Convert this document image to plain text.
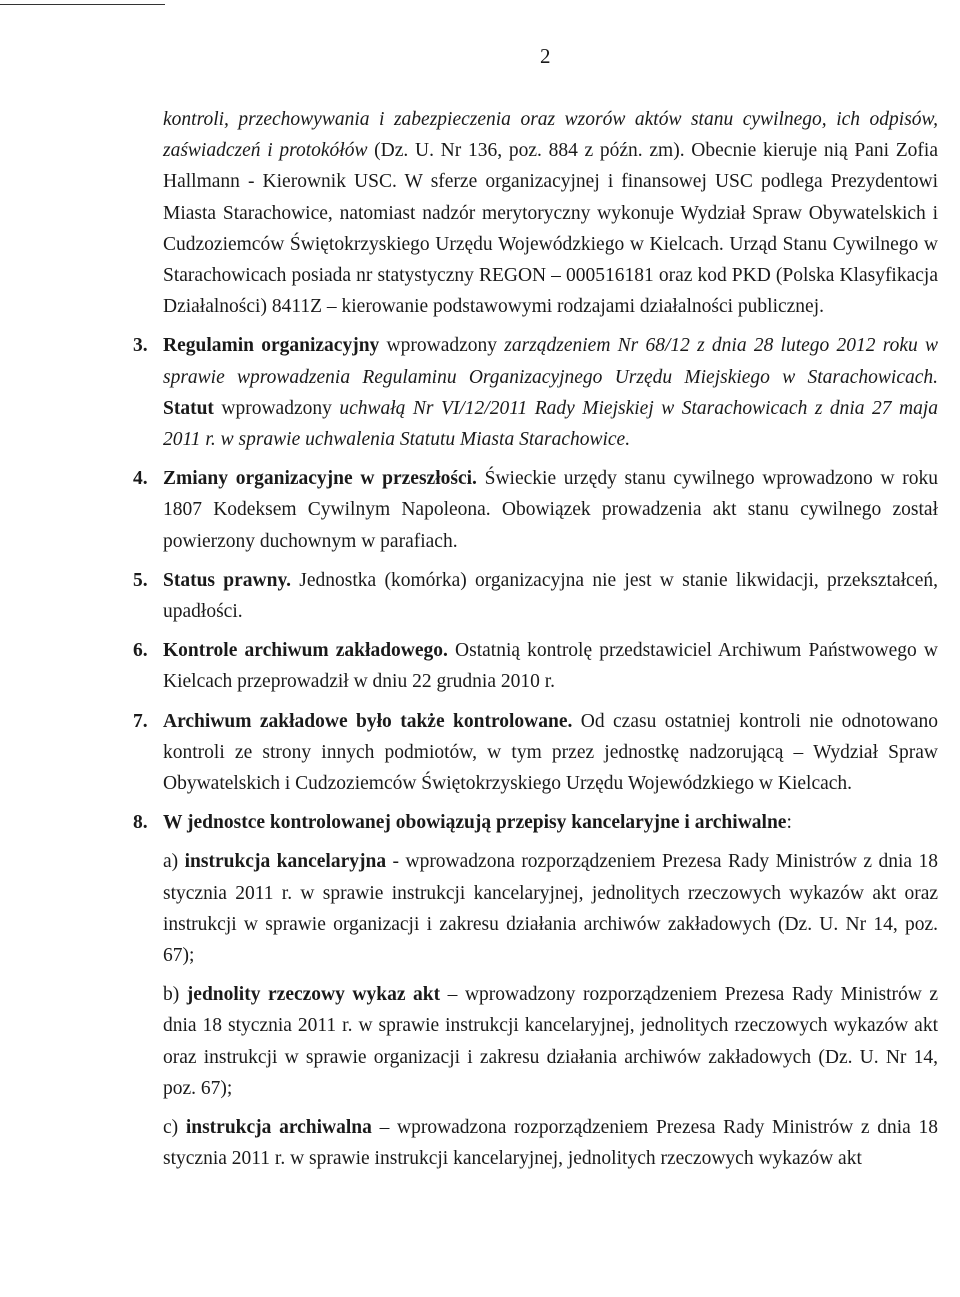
2

kontroli, przechowywania i zabezpieczenia oraz wzorów aktów stanu cywilnego, ich odpisów, zaświadczeń i protokółów (Dz. U. Nr 136, poz. 884 z późn. zm). Obecnie kieruje nią Pani Zofia Hallmann - Kierownik USC. W sferze organizacyjnej i finansowej USC podlega Prezydentowi Miasta Starachowice, natomiast nadzór merytoryczny wykonuje Wydział Spraw Obywatelskich i Cudzoziemców Świętokrzyskiego Urzędu Wojewódzkiego w Kielcach. Urząd Stanu Cywilnego w Starachowicach posiada nr statystyczny REGON – 000516181 oraz kod PKD (Polska Klasyfikacja Działalności) 8411Z – kierowanie podstawowymi rodzajami działalności publicznej.

3. Regulamin organizacyjny wprowadzony zarządzeniem Nr 68/12 z dnia 28 lutego 2012 roku w sprawie wprowadzenia Regulaminu Organizacyjnego Urzędu Miejskiego w Starachowicach. Statut wprowadzony uchwałą Nr VI/12/2011 Rady Miejskiej w Starachowicach z dnia 27 maja 2011 r. w sprawie uchwalenia Statutu Miasta Starachowice.

4. Zmiany organizacyjne w przeszłości. Świeckie urzędy stanu cywilnego wprowadzono w roku 1807 Kodeksem Cywilnym Napoleona. Obowiązek prowadzenia akt stanu cywilnego został powierzony duchownym w parafiach.

5. Status prawny. Jednostka (komórka) organizacyjna nie jest w stanie likwidacji, przekształceń, upadłości.

6. Kontrole archiwum zakładowego. Ostatnią kontrolę przedstawiciel Archiwum Państwowego w Kielcach przeprowadził w dniu 22 grudnia 2010 r.

7. Archiwum zakładowe było także kontrolowane. Od czasu ostatniej kontroli nie odnotowano kontroli ze strony innych podmiotów, w tym przez jednostkę nadzorującą – Wydział Spraw Obywatelskich i Cudzoziemców Świętokrzyskiego Urzędu Wojewódzkiego w Kielcach.

8. W jednostce kontrolowanej obowiązują przepisy kancelaryjne i archiwalne:

a) instrukcja kancelaryjna - wprowadzona rozporządzeniem Prezesa Rady Ministrów z dnia 18 stycznia 2011 r. w sprawie instrukcji kancelaryjnej, jednolitych rzeczowych wykazów akt oraz instrukcji w sprawie organizacji i zakresu działania archiwów zakładowych (Dz. U. Nr 14, poz. 67);

b) jednolity rzeczowy wykaz akt – wprowadzony rozporządzeniem Prezesa Rady Ministrów z dnia 18 stycznia 2011 r. w sprawie instrukcji kancelaryjnej, jednolitych rzeczowych wykazów akt oraz instrukcji w sprawie organizacji i zakresu działania archiwów zakładowych (Dz. U. Nr 14, poz. 67);

c) instrukcja archiwalna – wprowadzona rozporządzeniem Prezesa Rady Ministrów z dnia 18 stycznia 2011 r. w sprawie instrukcji kancelaryjnej, jednolitych rzeczowych wykazów akt
